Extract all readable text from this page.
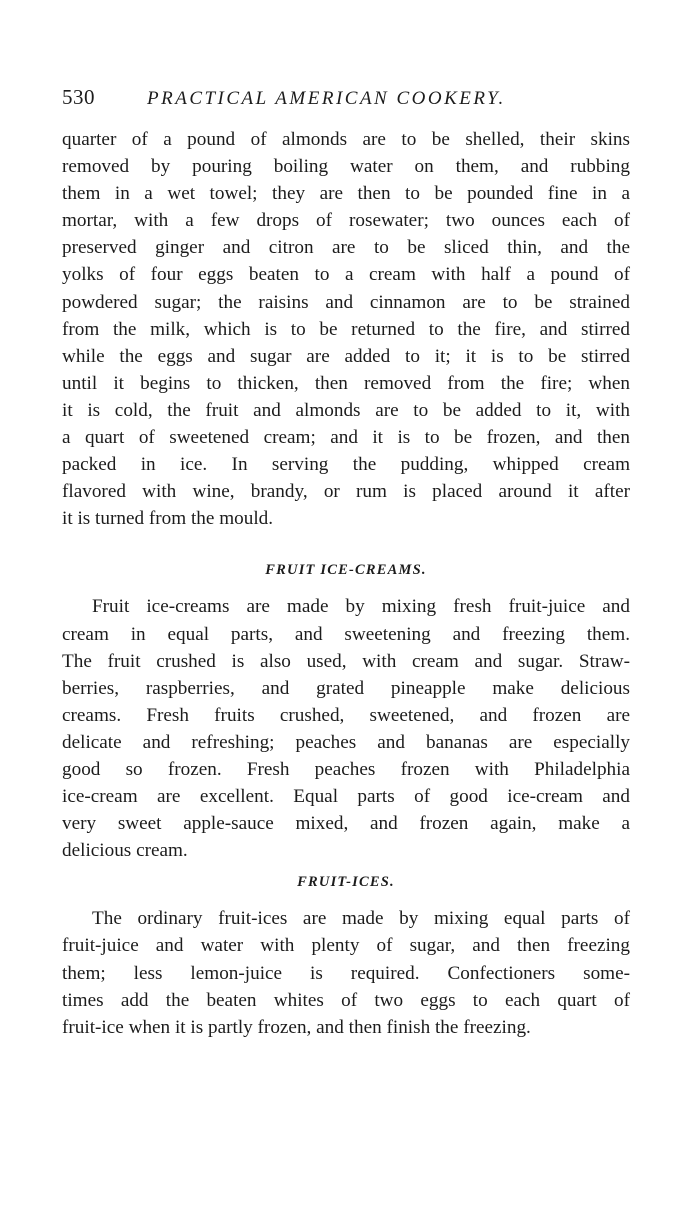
530	PRACTICAL AMERICAN COOKERY.
quarter of a pound of almonds are to be shelled, their skins
removed by pouring boiling water on them, and rubbing
them in a wet towel; they are then to be pounded fine in a
mortar, with a few drops of rosewater; two ounces each of
preserved ginger and citron are to be sliced thin, and the
yolks of four eggs beaten to a cream with half a pound of
powdered sugar; the raisins and cinnamon are to be strained
from the milk, which is to be returned to the fire, and stirred
while the eggs and sugar are added to it; it is to be stirred
until it begins to thicken, then removed from the fire; when
it is cold, the fruit and almonds are to be added to it, with
a quart of sweetened cream; and it is to be frozen, and then
packed in ice. In serving the pudding, whipped cream
flavored with wine, brandy, or rum is placed around it after
it is turned from the mould.
FRUIT ICE-CREAMS.
Fruit ice-creams are made by mixing fresh fruit-juice and
cream in equal parts, and sweetening and freezing them.
The fruit crushed is also used, with cream and sugar. Straw-
berries, raspberries, and grated pineapple make delicious
creams. Fresh fruits crushed, sweetened, and frozen are
delicate and refreshing; peaches and bananas are especially
good so frozen. Fresh peaches frozen with Philadelphia
ice-cream are excellent. Equal parts of good ice-cream and
very sweet apple-sauce mixed, and frozen again, make a
delicious cream.
FRUIT-ICES.
The ordinary fruit-ices are made by mixing equal parts of
fruit-juice and water with plenty of sugar, and then freezing
them; less lemon-juice is required. Confectioners some-
times add the beaten whites of two eggs to each quart of
fruit-ice when it is partly frozen, and then finish the freezing.
